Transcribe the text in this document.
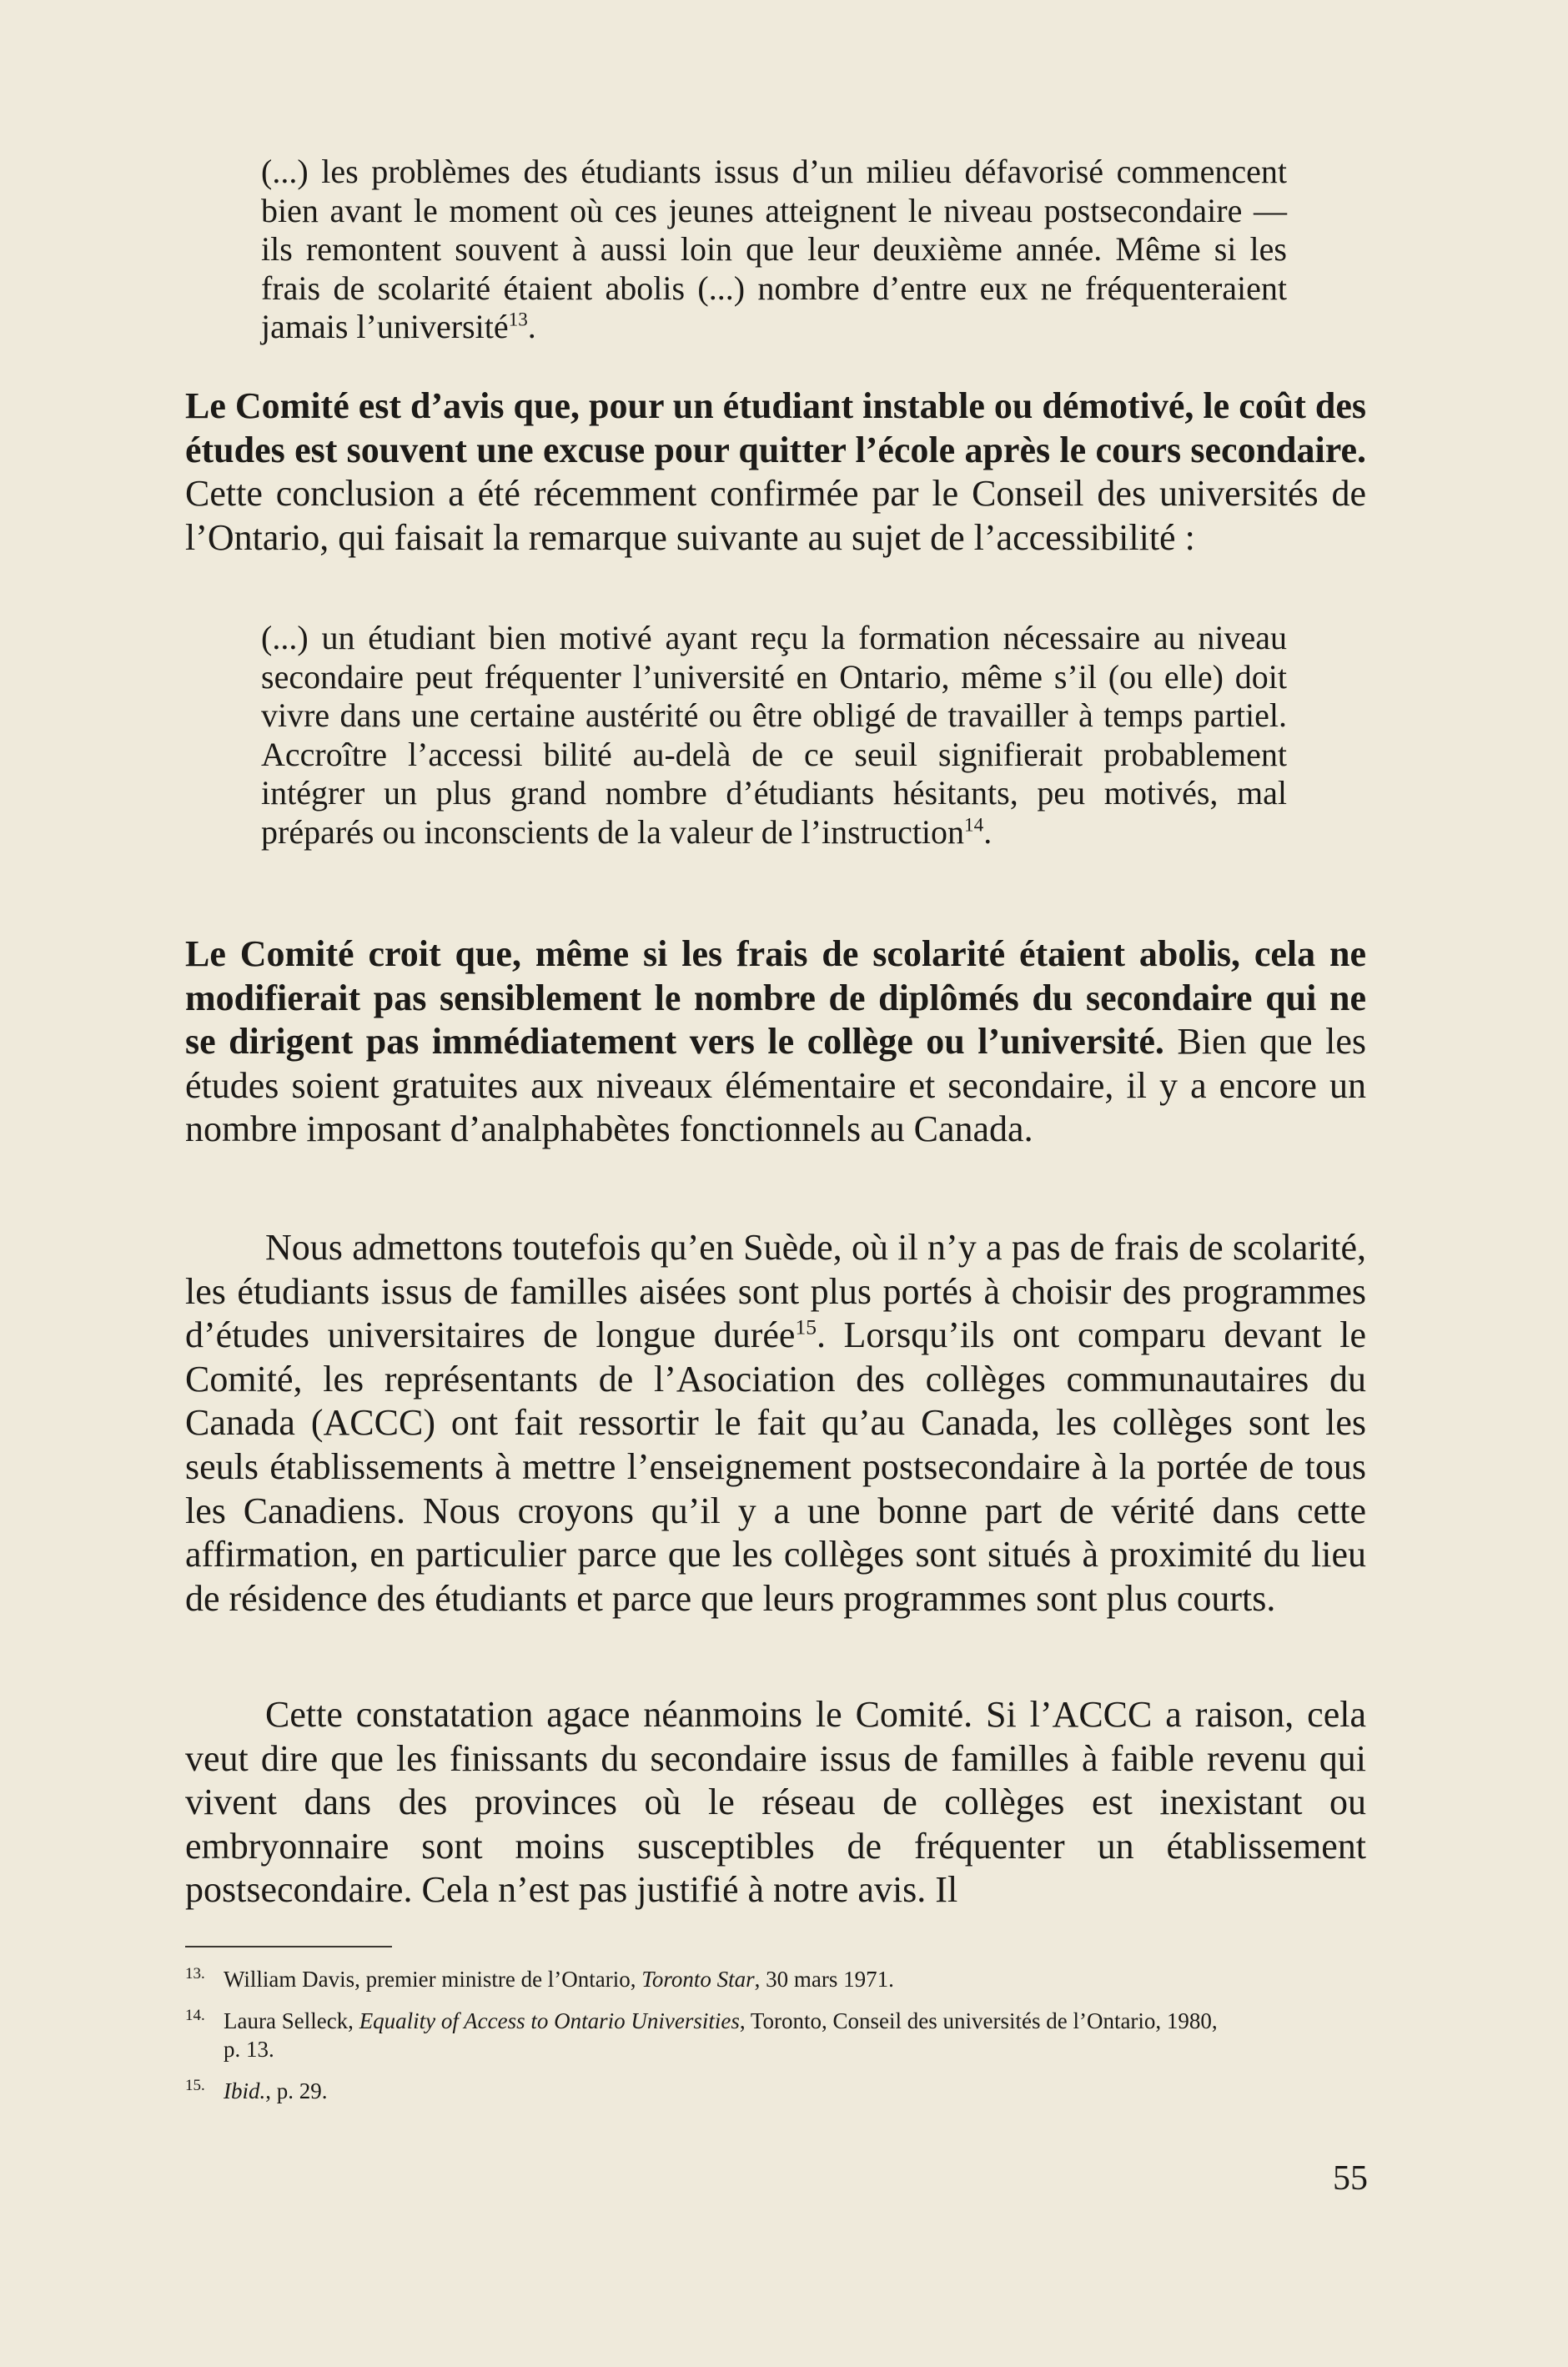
(...) les problèmes des étudiants issus d’un milieu défavorisé commencent bien avant le moment où ces jeunes atteignent le niveau postsecondaire — ils remontent souvent à aussi loin que leur deuxième année. Même si les frais de scolarité étaient abolis (...) nombre d’entre eux ne fréquenteraient jamais l’université$^{13}$.

Le Comité est d’avis que, pour un étudiant instable ou démotivé, le coût des études est souvent une excuse pour quitter l’école après le cours secondaire. Cette conclusion a été récemment confirmée par le Conseil des universités de l’Ontario, qui faisait la remarque suivante au sujet de l’accessibilité :

(...) un étudiant bien motivé ayant reçu la formation nécessaire au niveau secondaire peut fréquenter l’université en Ontario, même s’il (ou elle) doit vivre dans une certaine austérité ou être obligé de travailler à temps partiel. Accroître l’accessi bilité au-delà de ce seuil signifierait probablement intégrer un plus grand nombre d’étudiants hésitants, peu motivés, mal préparés ou inconscients de la valeur de l’instruction$^{14}$.

Le Comité croit que, même si les frais de scolarité étaient abolis, cela ne modifierait pas sensiblement le nombre de diplômés du secondaire qui ne se dirigent pas immédiatement vers le collège ou l’université. Bien que les études soient gratuites aux niveaux élémentaire et secondaire, il y a encore un nombre imposant d’analphabètes fonctionnels au Canada.

Nous admettons toutefois qu’en Suède, où il n’y a pas de frais de scolarité, les étudiants issus de familles aisées sont plus portés à choisir des programmes d’études universitaires de longue durée$^{15}$. Lorsqu’ils ont comparu devant le Comité, les représentants de l’Asociation des collèges communautaires du Canada (ACCC) ont fait ressortir le fait qu’au Canada, les collèges sont les seuls établissements à mettre l’enseignement postsecondaire à la portée de tous les Canadiens. Nous croyons qu’il y a une bonne part de vérité dans cette affirmation, en particulier parce que les collèges sont situés à proximité du lieu de résidence des étudiants et parce que leurs programmes sont plus courts.

Cette constatation agace néanmoins le Comité. Si l’ACCC a raison, cela veut dire que les finissants du secondaire issus de familles à faible revenu qui vivent dans des provinces où le réseau de collèges est inexistant ou embryonnaire sont moins susceptibles de fréquenter un établissement postsecondaire. Cela n’est pas justifié à notre avis. Il

13. William Davis, premier ministre de l’Ontario, Toronto Star, 30 mars 1971.

14. Laura Selleck, Equality of Access to Ontario Universities, Toronto, Conseil des universités de l’Ontario, 1980,
p. 13.

15. Ibid., p. 29.

55
